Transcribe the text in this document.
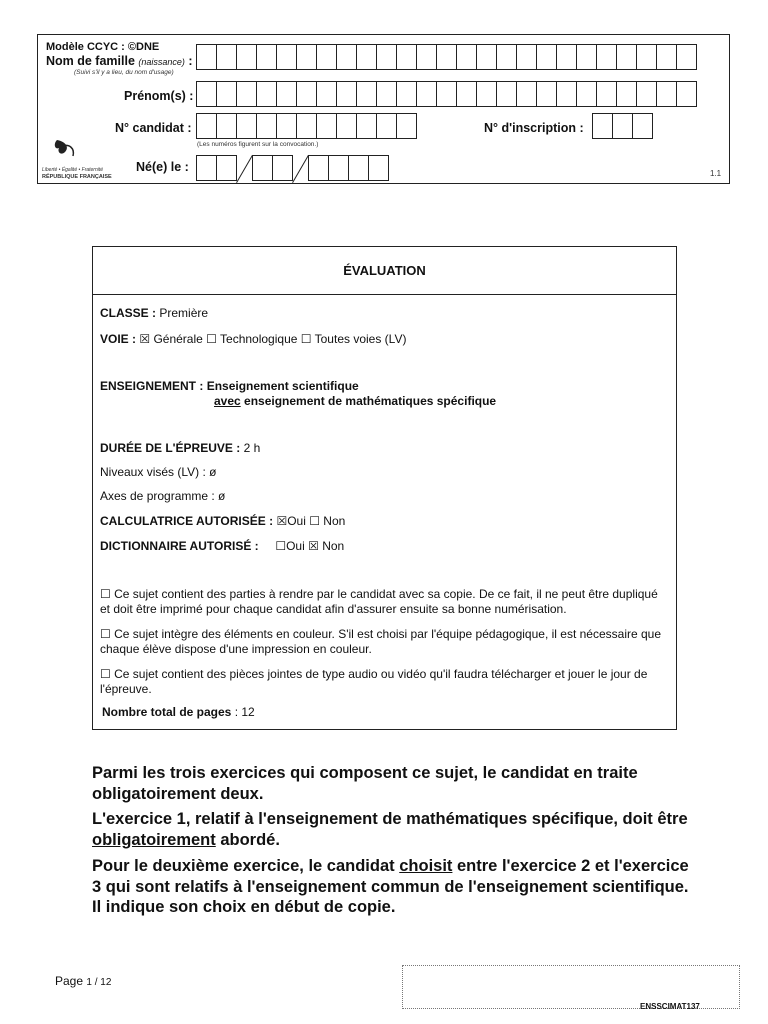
Modèle CCYC : ©DNE
Nom de famille (naissance) :
(Suivi s'il y a lieu, du nom d'usage)
Prénom(s) :
N° candidat :
(Les numéros figurent sur la convocation.)
N° d'inscription :
Liberté • Égalité • Fraternité
RÉPUBLIQUE FRANÇAISE
Né(e) le :	1.1
ÉVALUATION
CLASSE : Première
VOIE : ☒ Générale ☐ Technologique ☐ Toutes voies (LV)
ENSEIGNEMENT : Enseignement scientifique
avec enseignement de mathématiques spécifique
DURÉE DE L'ÉPREUVE : 2 h
Niveaux visés (LV) : ø
Axes de programme : ø
CALCULATRICE AUTORISÉE : ☒Oui ☐ Non
DICTIONNAIRE AUTORISÉ : ☐Oui ☒ Non
☐ Ce sujet contient des parties à rendre par le candidat avec sa copie. De ce fait, il ne peut être dupliqué et doit être imprimé pour chaque candidat afin d'assurer ensuite sa bonne numérisation.
☐ Ce sujet intègre des éléments en couleur. S'il est choisi par l'équipe pédagogique, il est nécessaire que chaque élève dispose d'une impression en couleur.
☐ Ce sujet contient des pièces jointes de type audio ou vidéo qu'il faudra télécharger et jouer le jour de l'épreuve.
Nombre total de pages : 12
Parmi les trois exercices qui composent ce sujet, le candidat en traite obligatoirement deux.
L'exercice 1, relatif à l'enseignement de mathématiques spécifique, doit être obligatoirement abordé.
Pour le deuxième exercice, le candidat choisit entre l'exercice 2 et l'exercice 3 qui sont relatifs à l'enseignement commun de l'enseignement scientifique. Il indique son choix en début de copie.
Page 1 / 12
ENSSCIMAT137
